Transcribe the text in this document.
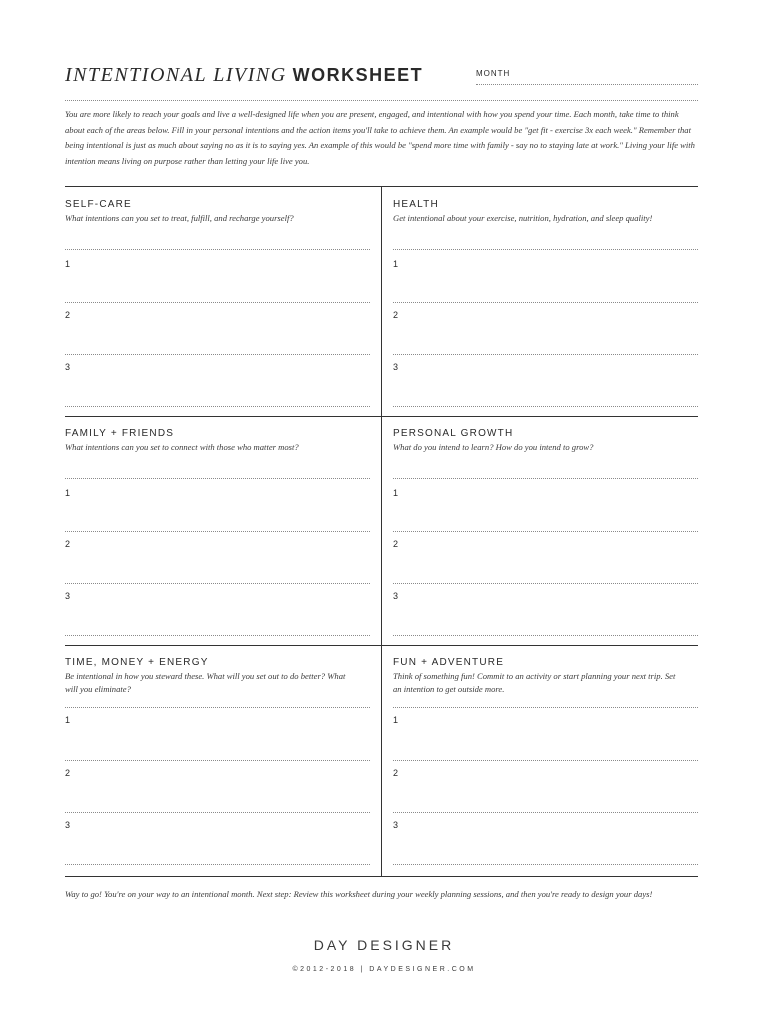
INTENTIONAL LIVING WORKSHEET	MONTH

You are more likely to reach your goals and live a well-designed life when you are present, engaged, and intentional with how you spend your time. Each month, take time to think about each of the areas below. Fill in your personal intentions and the action items you'll take to achieve them. An example would be "get fit - exercise 3x each week." Remember that being intentional is just as much about saying no as it is to saying yes. An example of this would be "spend more time with family - say no to staying late at work." Living your life with intention means living on purpose rather than letting your life live you.

SELF-CARE
What intentions can you set to treat, fulfill, and recharge yourself?
1
2
3
HEALTH
Get intentional about your exercise, nutrition, hydration, and sleep quality!
1
2
3
FAMILY + FRIENDS
What intentions can you set to connect with those who matter most?
1
2
3
PERSONAL GROWTH
What do you intend to learn? How do you intend to grow?
1
2
3
TIME, MONEY + ENERGY
Be intentional in how you steward these. What will you set out to do better? What will you eliminate?
1
2
3
FUN + ADVENTURE
Think of something fun! Commit to an activity or start planning your next trip. Set an intention to get outside more.
1
2
3
Way to go! You're on your way to an intentional month. Next step: Review this worksheet during your weekly planning sessions, and then you're ready to design your days!
DAY DESIGNER
©2012-2018 | DAYDESIGNER.COM
